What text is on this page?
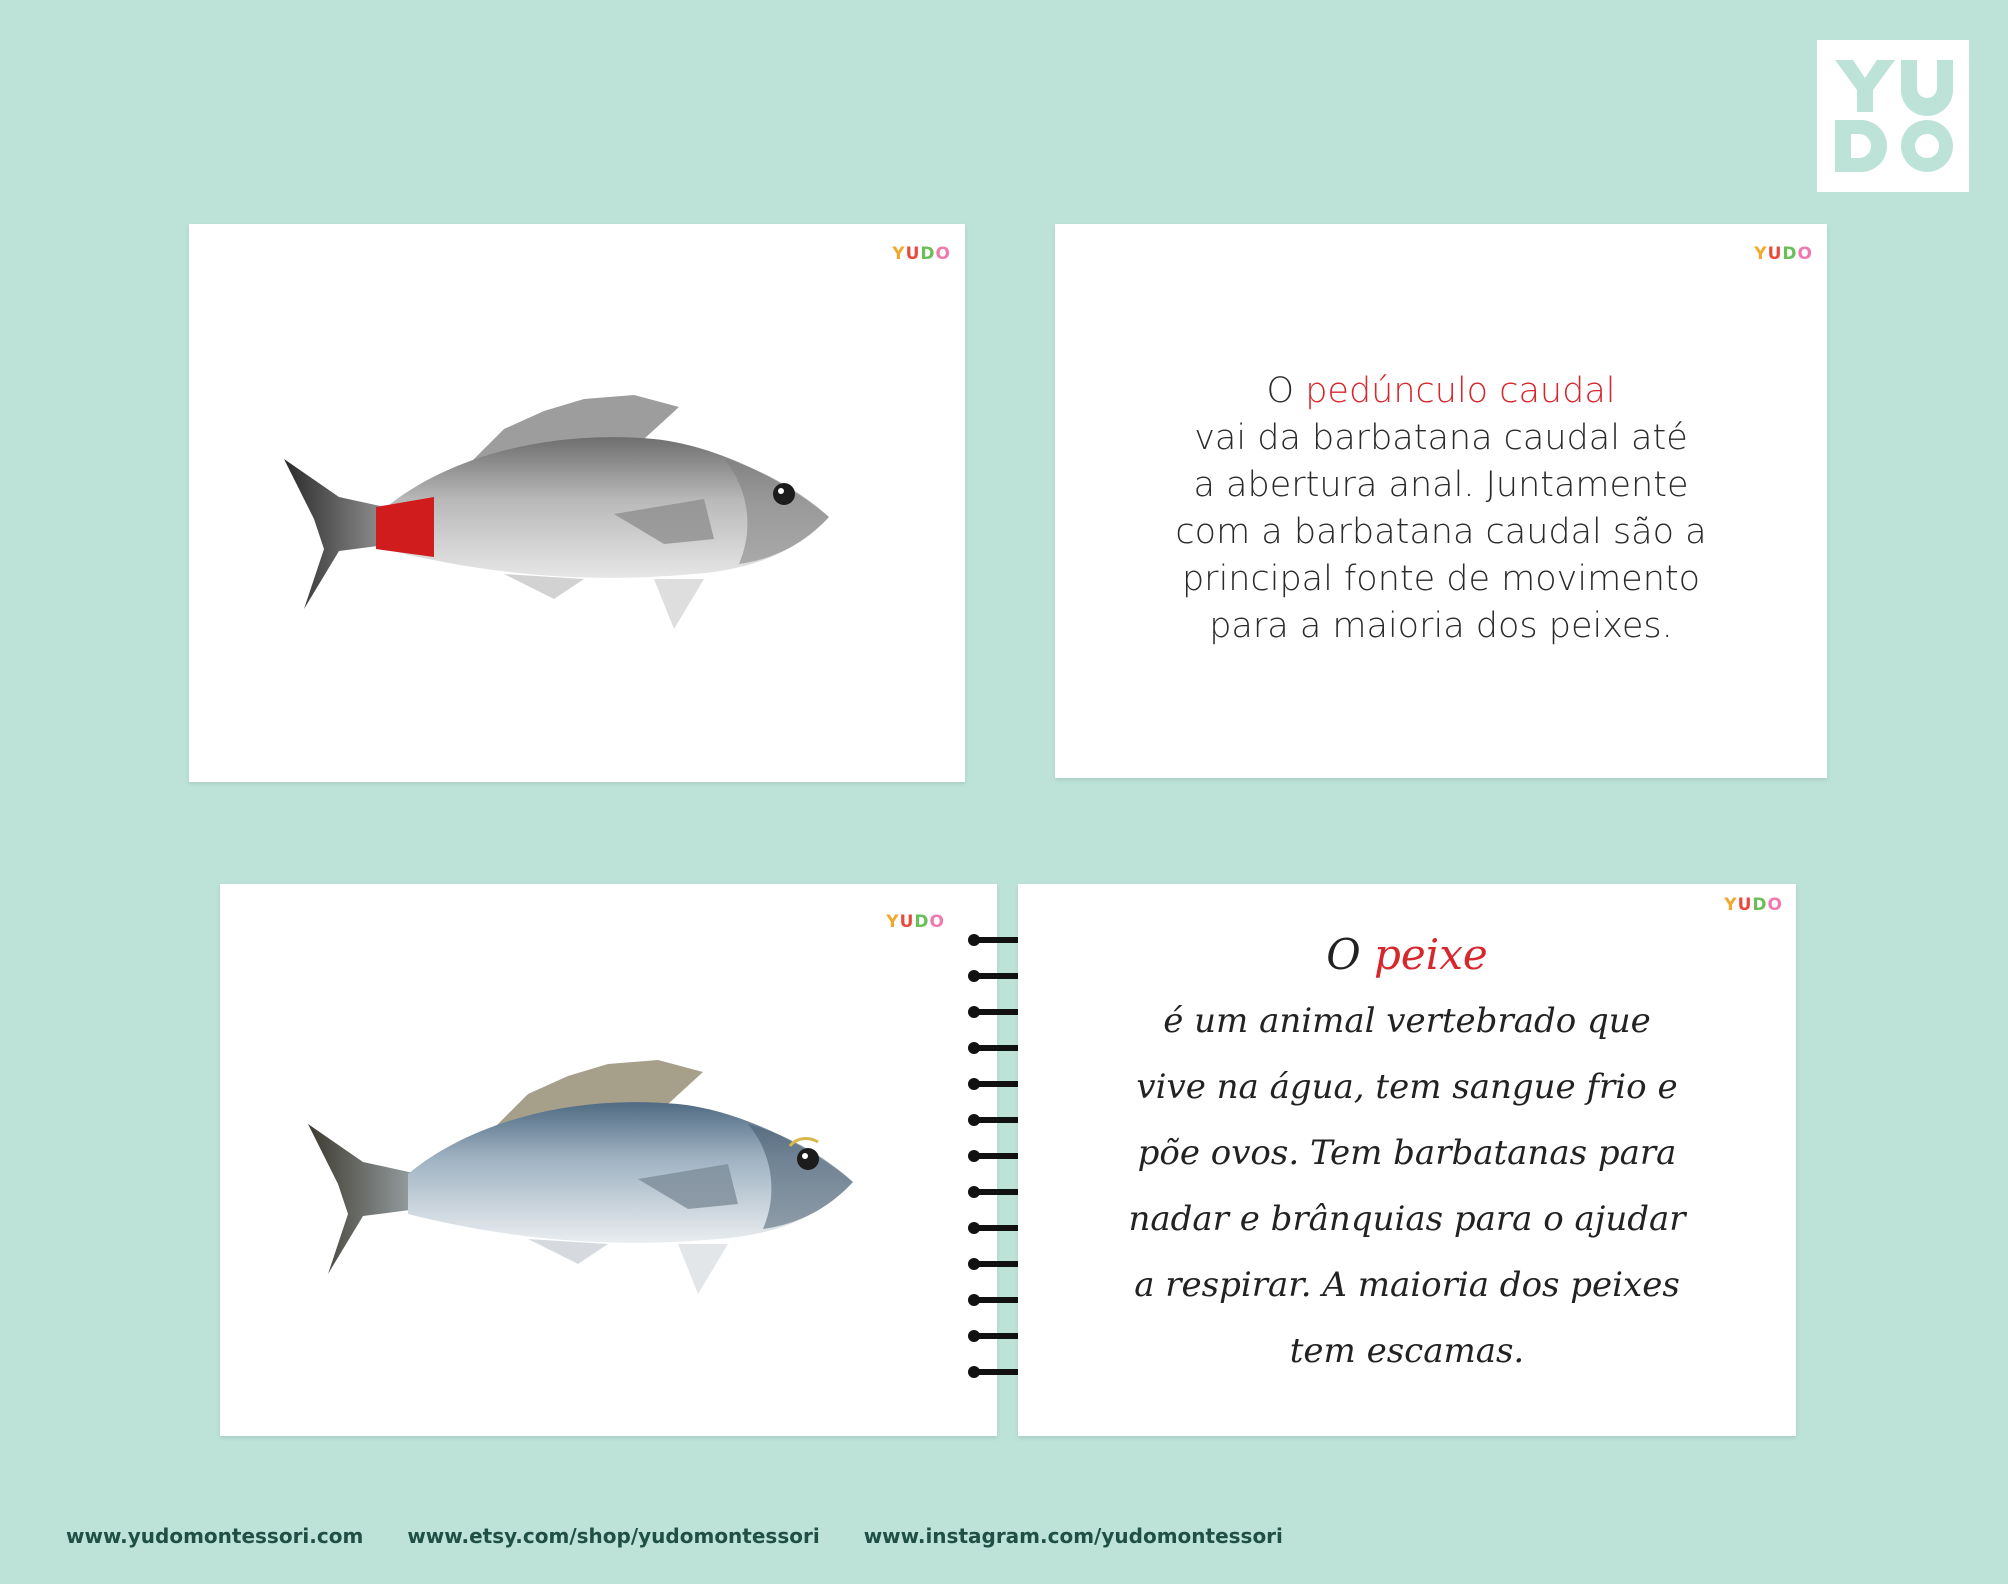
YUDO	YUDO
O pedúnculo caudal
vai da barbatana caudal até
a abertura anal. Juntamente
com a barbatana caudal são a
principal fonte de movimento
para a maioria dos peixes.
YUDO
YUDO
O peixe
é um animal vertebrado que
vive na água, tem sangue frio e
põe ovos. Tem barbatanas para
nadar e brânquias para o ajudar
a respirar. A maioria dos peixes
tem escamas.
www.yudomontessori.com www.etsy.com/shop/yudomontessori www.instagram.com/yudomontessori
